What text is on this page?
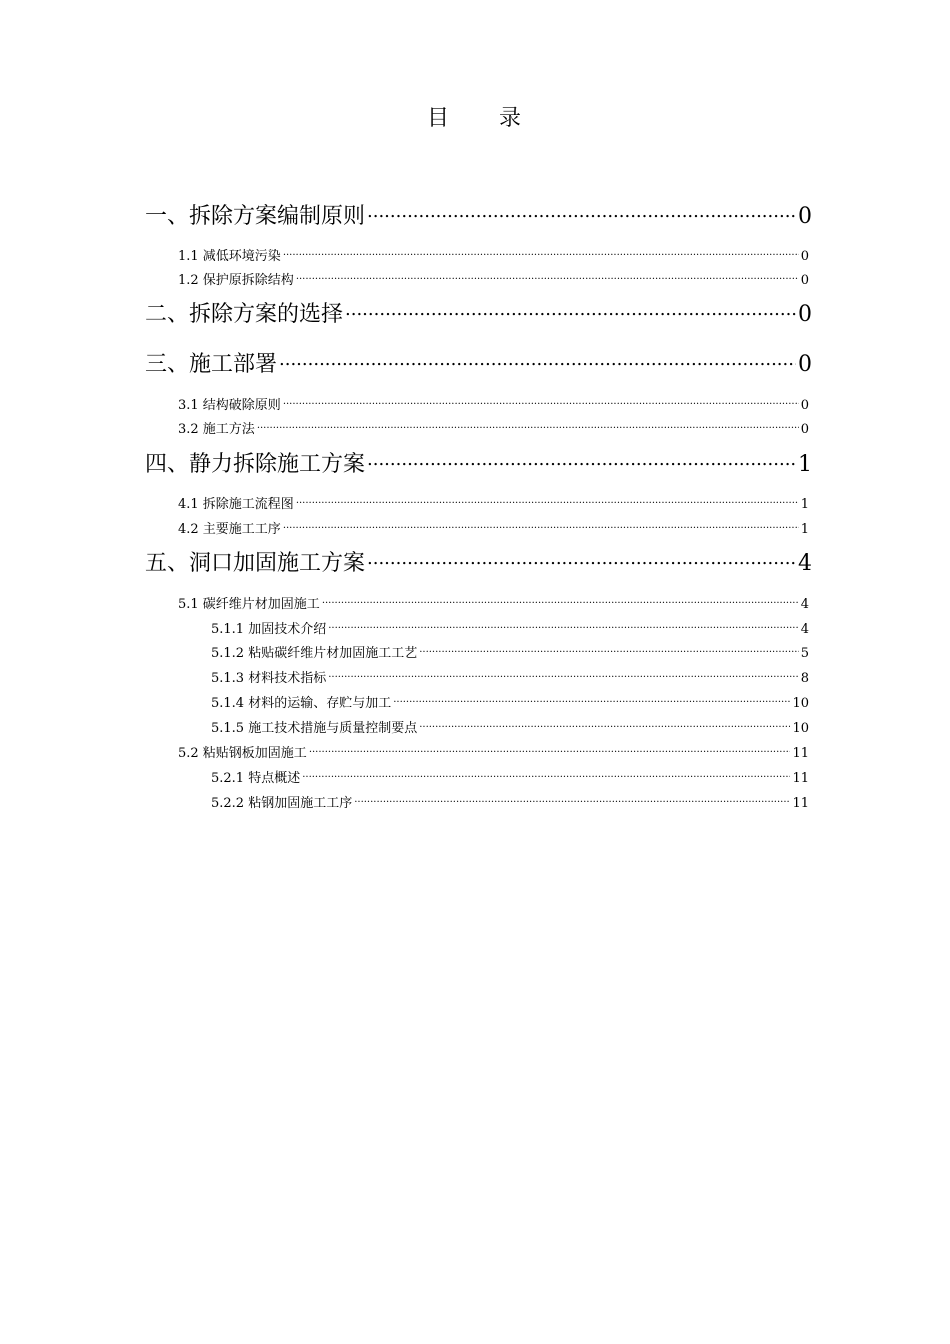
目　　录
一、拆除方案编制原则 .....	0
1.1 减低环境污染 .....	0
1.2 保护原拆除结构 .....	0
二、拆除方案的选择 .....	0
三、施工部署 .....	0
3.1 结构破除原则 .....	0
3.2 施工方法 .....	0
四、静力拆除施工方案 .....	1
4.1 拆除施工流程图 .....	1
4.2 主要施工工序 .....	1
五、洞口加固施工方案 .....	4
5.1 碳纤维片材加固施工 .....	4
5.1.1 加固技术介绍 .....	4
5.1.2 粘贴碳纤维片材加固施工工艺 .....	5
5.1.3 材料技术指标 .....	8
5.1.4 材料的运输、存贮与加工 .....	10
5.1.5 施工技术措施与质量控制要点 .....	10
5.2 粘贴钢板加固施工 .....	11
5.2.1 特点概述 .....	11
5.2.2 粘钢加固施工工序 .....	11
